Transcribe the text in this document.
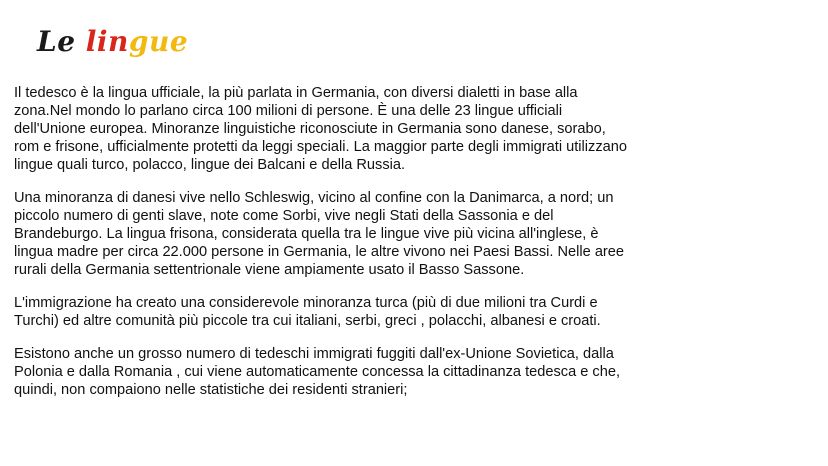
Le lingue

Il tedesco è la lingua ufficiale, la più parlata in Germania, con diversi dialetti in base alla zona.Nel mondo lo parlano circa 100 milioni di persone. È una delle 23 lingue ufficiali dell'Unione europea. Minoranze linguistiche riconosciute in Germania sono danese, sorabo, rom e frisone, ufficialmente protetti da leggi speciali. La maggior parte degli immigrati utilizzano lingue quali turco, polacco, lingue dei Balcani e della Russia.

Una minoranza di danesi vive nello Schleswig, vicino al confine con la Danimarca, a nord; un piccolo numero di genti slave, note come Sorbi, vive negli Stati della Sassonia e del Brandeburgo. La lingua frisona, considerata quella tra le lingue vive più vicina all'inglese, è lingua madre per circa 22.000 persone in Germania, le altre vivono nei Paesi Bassi. Nelle aree rurali della Germania settentrionale viene ampiamente usato il Basso Sassone.

L'immigrazione ha creato una considerevole minoranza turca (più di due milioni tra Curdi e Turchi) ed altre comunità più piccole tra cui italiani, serbi, greci , polacchi, albanesi e croati.

Esistono anche un grosso numero di tedeschi immigrati fuggiti dall'ex-Unione Sovietica, dalla Polonia e dalla Romania , cui viene automaticamente concessa la cittadinanza tedesca e che, quindi, non compaiono nelle statistiche dei residenti stranieri;
